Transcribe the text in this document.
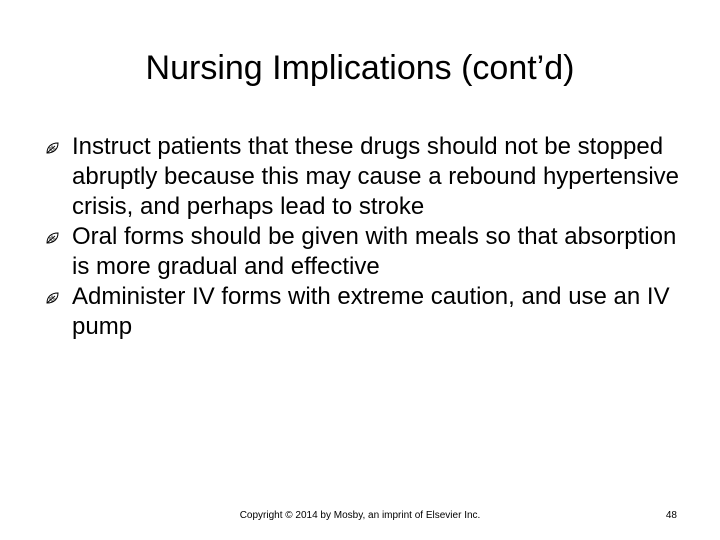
Nursing Implications (cont’d)
Instruct patients that these drugs should not be stopped abruptly because this may cause a rebound hypertensive crisis, and perhaps lead to stroke
Oral forms should be given with meals so that absorption is more gradual and effective
Administer IV forms with extreme caution, and use an IV pump
Copyright © 2014 by Mosby, an imprint of Elsevier Inc.	48
